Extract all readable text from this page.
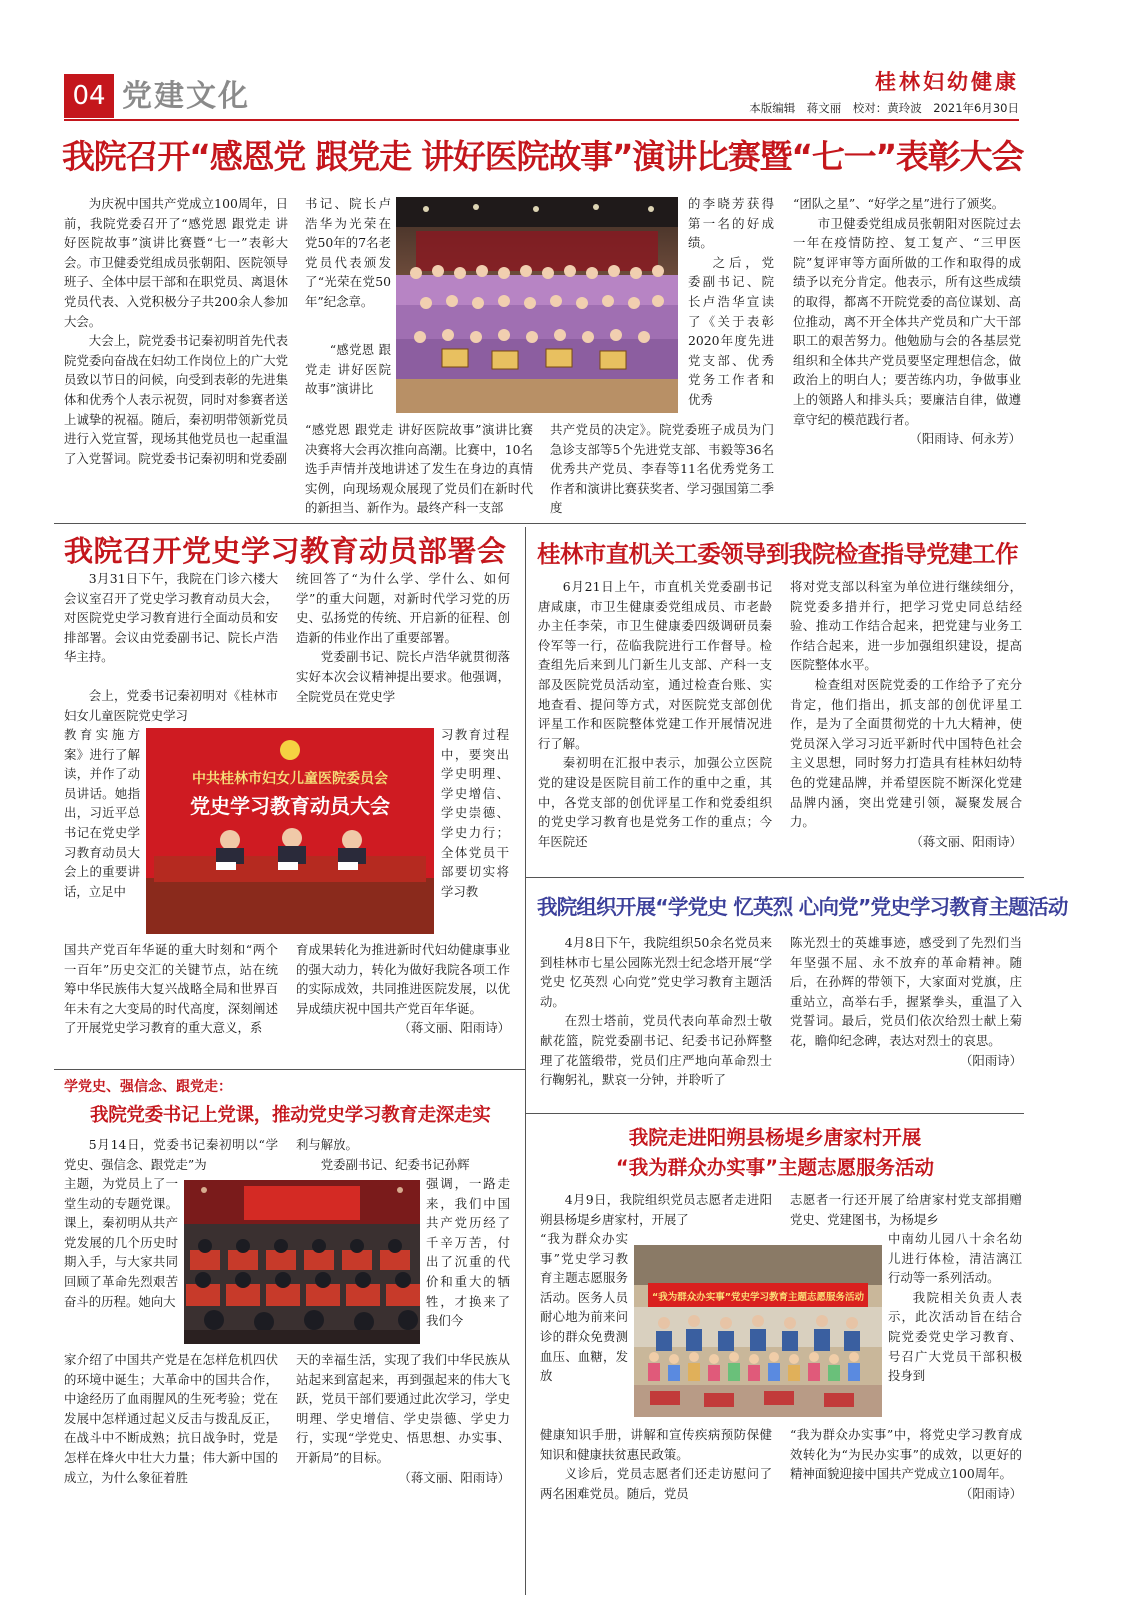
04 党建文化	桂林妇幼健康
本版编辑　蒋文丽　校对：黄玲波　2021年6月30日
我院召开“感恩党 跟党走 讲好医院故事”演讲比赛暨“七一”表彰大会

为庆祝中国共产党成立100周年，日前，我院党委召开了“感党恩 跟党走 讲好医院故事”演讲比赛暨“七一”表彰大会。市卫健委党组成员张朝阳、医院领导班子、全体中层干部和在职党员、离退休党员代表、入党积极分子共200余人参加大会。

大会上，院党委书记秦初明首先代表院党委向奋战在妇幼工作岗位上的广大党员致以节日的问候，向受到表彰的先进集体和优秀个人表示祝贺，同时对参赛者送上诚挚的祝福。随后，秦初明带领新党员进行入党宣誓，现场其他党员也一起重温了入党誓词。院党委书记秦初明和党委副

书记、院长卢浩华为光荣在党50年的7名老党员代表颁发了“光荣在党50年”纪念章。

“感党恩 跟党走 讲好医院故事”演讲比

“感党恩 跟党走 讲好医院故事”演讲比赛决赛将大会再次推向高潮。比赛中，10名选手声情并茂地讲述了发生在身边的真情实例，向现场观众展现了党员们在新时代的新担当、新作为。最终产科一支部

的李晓芳获得第一名的好成绩。

之后，党委副书记、院长卢浩华宣读了《关于表彰2020年度先进党支部、优秀党务工作者和优秀

共产党员的决定》。院党委班子成员为门急诊支部等5个先进党支部、韦毅等36名优秀共产党员、李春等11名优秀党务工作者和演讲比赛获奖者、学习强国第二季度

“团队之星”、“好学之星”进行了颁奖。

市卫健委党组成员张朝阳对医院过去一年在疫情防控、复工复产、“三甲医院”复评审等方面所做的工作和取得的成绩予以充分肯定。他表示，所有这些成绩的取得，都离不开院党委的高位谋划、高位推动，离不开全体共产党员和广大干部职工的艰苦努力。他勉励与会的各基层党组织和全体共产党员要坚定理想信念，做政治上的明白人；要苦练内功，争做事业上的领路人和排头兵；要廉洁自律，做遵章守纪的模范践行者。

（阳雨诗、何永芳）

我院召开党史学习教育动员部署会

3月31日下午，我院在门诊六楼大会议室召开了党史学习教育动员大会，对医院党史学习教育进行全面动员和安排部署。会议由党委副书记、院长卢浩华主持。

会上，党委书记秦初明对《桂林市妇女儿童医院党史学习

教育实施方案》进行了解读，并作了动员讲话。她指出，习近平总书记在党史学习教育动员大会上的重要讲话，立足中

国共产党百年华诞的重大时刻和“两个一百年”历史交汇的关键节点，站在统筹中华民族伟大复兴战略全局和世界百年未有之大变局的时代高度，深刻阐述了开展党史学习教育的重大意义，系

统回答了“为什么学、学什么、如何学”的重大问题，对新时代学习党的历史、弘扬党的传统、开启新的征程、创造新的伟业作出了重要部署。

党委副书记、院长卢浩华就贯彻落实好本次会议精神提出要求。他强调，全院党员在党史学

习教育过程中，要突出学史明理、学史增信、学史崇德、学史力行；全体党员干部要切实将学习教

育成果转化为推进新时代妇幼健康事业的强大动力，转化为做好我院各项工作的实际成效，共同推进医院发展，以优异成绩庆祝中国共产党百年华诞。

（蒋文丽、阳雨诗）

中共桂林市妇女儿童医院委员会
党史学习教育动员大会
桂林市直机关工委领导到我院检查指导党建工作

6月21日上午，市直机关党委副书记唐咸康，市卫生健康委党组成员、市老龄办主任李荣，市卫生健康委四级调研员秦伶军等一行，莅临我院进行工作督导。检查组先后来到儿门新生儿支部、产科一支部及医院党员活动室，通过检查台账、实地查看、提问等方式，对医院党支部创优评星工作和医院整体党建工作开展情况进行了解。

秦初明在汇报中表示，加强公立医院党的建设是医院目前工作的重中之重，其中，各党支部的创优评星工作和党委组织的党史学习教育也是党务工作的重点；今年医院还

将对党支部以科室为单位进行继续细分，院党委多措并行，把学习党史同总结经验、推动工作结合起来，把党建与业务工作结合起来，进一步加强组织建设，提高医院整体水平。

检查组对医院党委的工作给予了充分肯定，他们指出，抓支部的创优评星工作，是为了全面贯彻党的十九大精神，使党员深入学习习近平新时代中国特色社会主义思想，同时努力打造具有桂林妇幼特色的党建品牌，并希望医院不断深化党建品牌内涵，突出党建引领，凝聚发展合力。

（蒋文丽、阳雨诗）

我院组织开展“学党史 忆英烈 心向党”党史学习教育主题活动

4月8日下午，我院组织50余名党员来到桂林市七星公园陈光烈士纪念塔开展“学党史 忆英烈 心向党”党史学习教育主题活动。

在烈士塔前，党员代表向革命烈士敬献花篮，院党委副书记、纪委书记孙辉整理了花篮缎带，党员们庄严地向革命烈士行鞠躬礼，默哀一分钟，并聆听了

陈光烈士的英雄事迹，感受到了先烈们当年坚强不屈、永不放弃的革命精神。随后，在孙辉的带领下，大家面对党旗，庄重站立，高举右手，握紧拳头，重温了入党誓词。最后，党员们依次给烈士献上菊花，瞻仰纪念碑，表达对烈士的哀思。

（阳雨诗）

学党史、强信念、跟党走：
我院党委书记上党课，推动党史学习教育走深走实

5月14日，党委书记秦初明以“学党史、强信念、跟党走”为

主题，为党员上了一堂生动的专题党课。课上，秦初明从共产党发展的几个历史时期入手，与大家共同回顾了革命先烈艰苦奋斗的历程。她向大

家介绍了中国共产党是在怎样危机四伏的环境中诞生；大革命中的国共合作，中途经历了血雨腥风的生死考验；党在发展中怎样通过起义反击与拨乱反正，在战斗中不断成熟；抗日战争时，党是怎样在烽火中壮大力量；伟大新中国的成立，为什么象征着胜

利与解放。

党委副书记、纪委书记孙辉

强调，一路走来，我们中国共产党历经了千辛万苦，付出了沉重的代价和重大的牺牲，才换来了我们今

天的幸福生活，实现了我们中华民族从站起来到富起来，再到强起来的伟大飞跃，党员干部们要通过此次学习，学史明理、学史增信、学史崇德、学史力行，实现“学党史、悟思想、办实事、开新局”的目标。

（蒋文丽、阳雨诗）

我院走进阳朔县杨堤乡唐家村开展
“我为群众办实事”主题志愿服务活动

4月9日，我院组织党员志愿者走进阳朔县杨堤乡唐家村，开展了

“我为群众办实事”党史学习教育主题志愿服务活动。医务人员耐心地为前来问诊的群众免费测血压、血糖，发放

健康知识手册，讲解和宣传疾病预防保健知识和健康扶贫惠民政策。

义诊后，党员志愿者们还走访慰问了两名困难党员。随后，党员

志愿者一行还开展了给唐家村党支部捐赠党史、党建图书，为杨堤乡

中南幼儿园八十余名幼儿进行体检，清洁漓江行动等一系列活动。

我院相关负责人表示，此次活动旨在结合院党委党史学习教育、号召广大党员干部积极投身到

“我为群众办实事”中，将党史学习教育成效转化为“为民办实事”的成效，以更好的精神面貌迎接中国共产党成立100周年。

（阳雨诗）

“我为群众办实事”党史学习教育主题志愿服务活动
